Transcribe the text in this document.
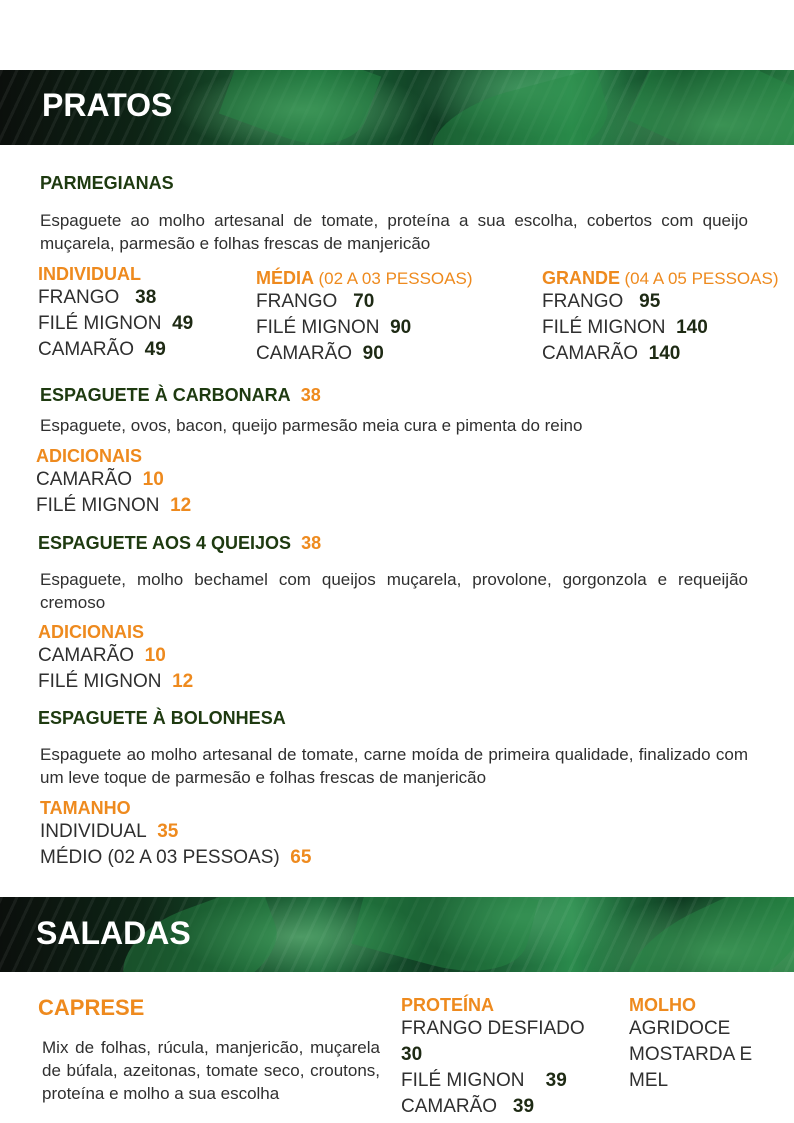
PRATOS
PARMEGIANAS
Espaguete ao molho artesanal de tomate, proteína a sua escolha, cobertos com queijo muçarela, parmesão e folhas frescas de manjericão
INDIVIDUAL
FRANGO 38
FILÉ MIGNON 49
CAMARÃO 49
MÉDIA (02 A 03 PESSOAS)
FRANGO 70
FILÉ MIGNON 90
CAMARÃO 90
GRANDE (04 A 05 PESSOAS)
FRANGO 95
FILÉ MIGNON 140
CAMARÃO 140
ESPAGUETE À CARBONARA 38
Espaguete, ovos, bacon, queijo parmesão meia cura e pimenta do reino
ADICIONAIS
CAMARÃO 10
FILÉ MIGNON 12
ESPAGUETE AOS 4 QUEIJOS 38
Espaguete, molho bechamel com queijos muçarela, provolone, gorgonzola e requeijão cremoso
ADICIONAIS
CAMARÃO 10
FILÉ MIGNON 12
ESPAGUETE À BOLONHESA
Espaguete ao molho artesanal de tomate, carne moída de primeira qualidade, finalizado com um leve toque de parmesão e folhas frescas de manjericão
TAMANHO
INDIVIDUAL 35
MÉDIO (02 A 03 PESSOAS) 65
SALADAS
CAPRESE
Mix de folhas, rúcula, manjericão, muçarela de búfala, azeitonas, tomate seco, croutons, proteína e molho a sua escolha
PROTEÍNA
FRANGO DESFIADO   30
FILÉ MIGNON 39
CAMARÃO 39
MOLHO
AGRIDOCE
MOSTARDA E MEL
